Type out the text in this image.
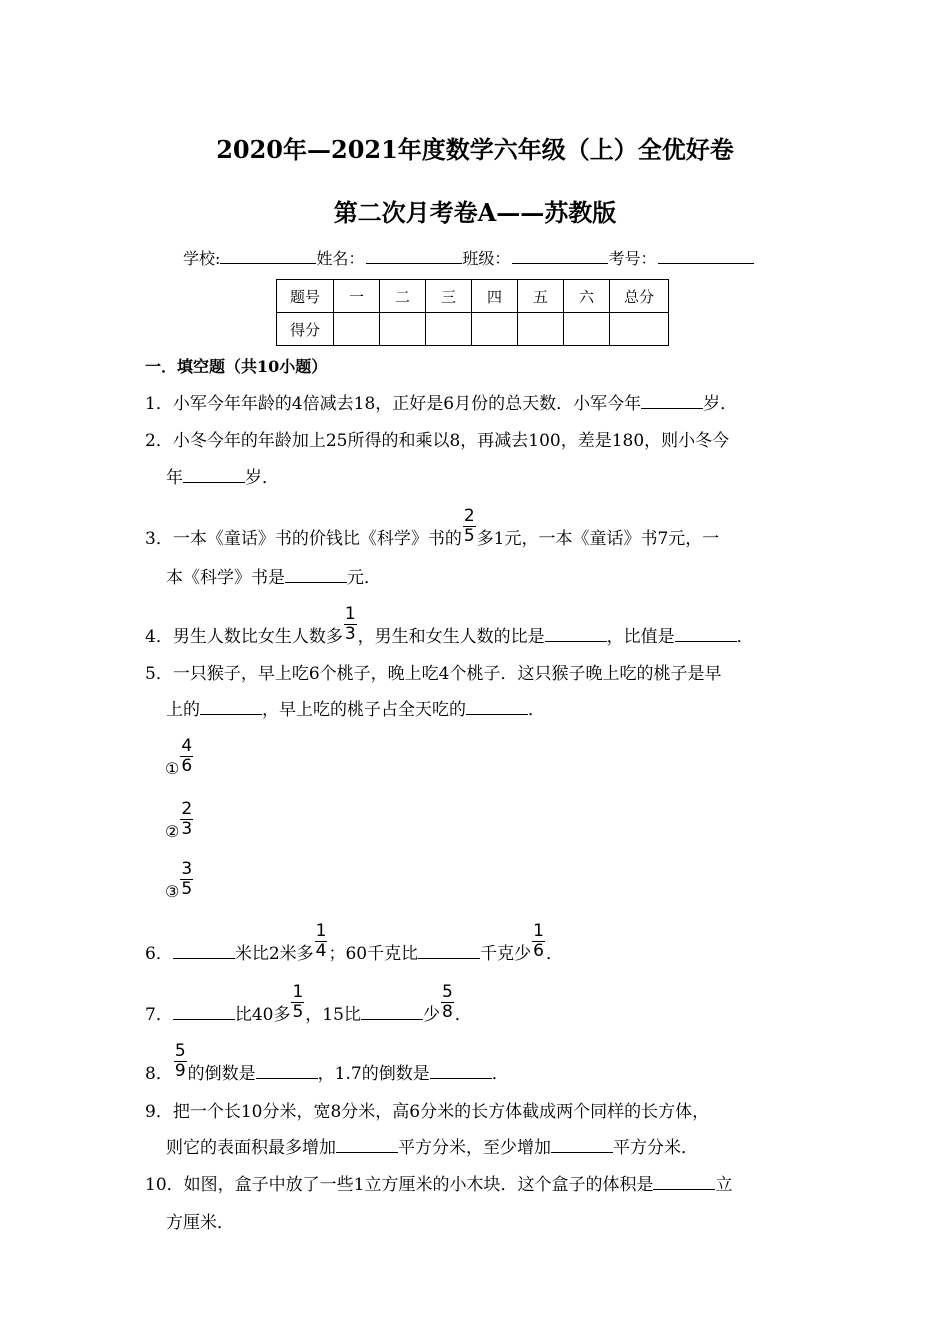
2020年—2021年度数学六年级（上）全优好卷
第二次月考卷A——苏教版
学校:	姓名：	班级：	考号：
题号	一	二	三	四	五	六	总分
得分							
一．填空题（共10小题）
1．小军今年年龄的4倍减去18，正好是6月份的总天数．小军今年	岁．
2．小冬今年的年龄加上25所得的和乘以8，再减去100，差是180，则小冬今
年	岁．
3．一本《童话》书的价钱比《科学》书的 $\frac{2}{5}$ 多1元，一本《童话》书7元，一
本《科学》书是	元．
4．男生人数比女生人数多 $\frac{1}{3}$ ，男生和女生人数的比是	，比值是	．
5．一只猴子，早上吃6个桃子，晚上吃4个桃子．这只猴子晚上吃的桃子是早
上的	，早上吃的桃子占全天吃的	．
① $\frac{4}{6}$
② $\frac{2}{3}$
③ $\frac{3}{5}$
6．	米比2米多 $\frac{1}{4}$ ；60千克比	千克少 $\frac{1}{6}$ ．
7．	比40多 $\frac{1}{5}$ ，15比	少 $\frac{5}{8}$ ．
8． $\frac{5}{9}$ 的倒数是	，1.7的倒数是	．
9．把一个长10分米，宽8分米，高6分米的长方体截成两个同样的长方体，
则它的表面积最多增加	平方分米，至少增加	平方分米．
10．如图，盒子中放了一些1立方厘米的小木块．这个盒子的体积是	立
方厘米．
